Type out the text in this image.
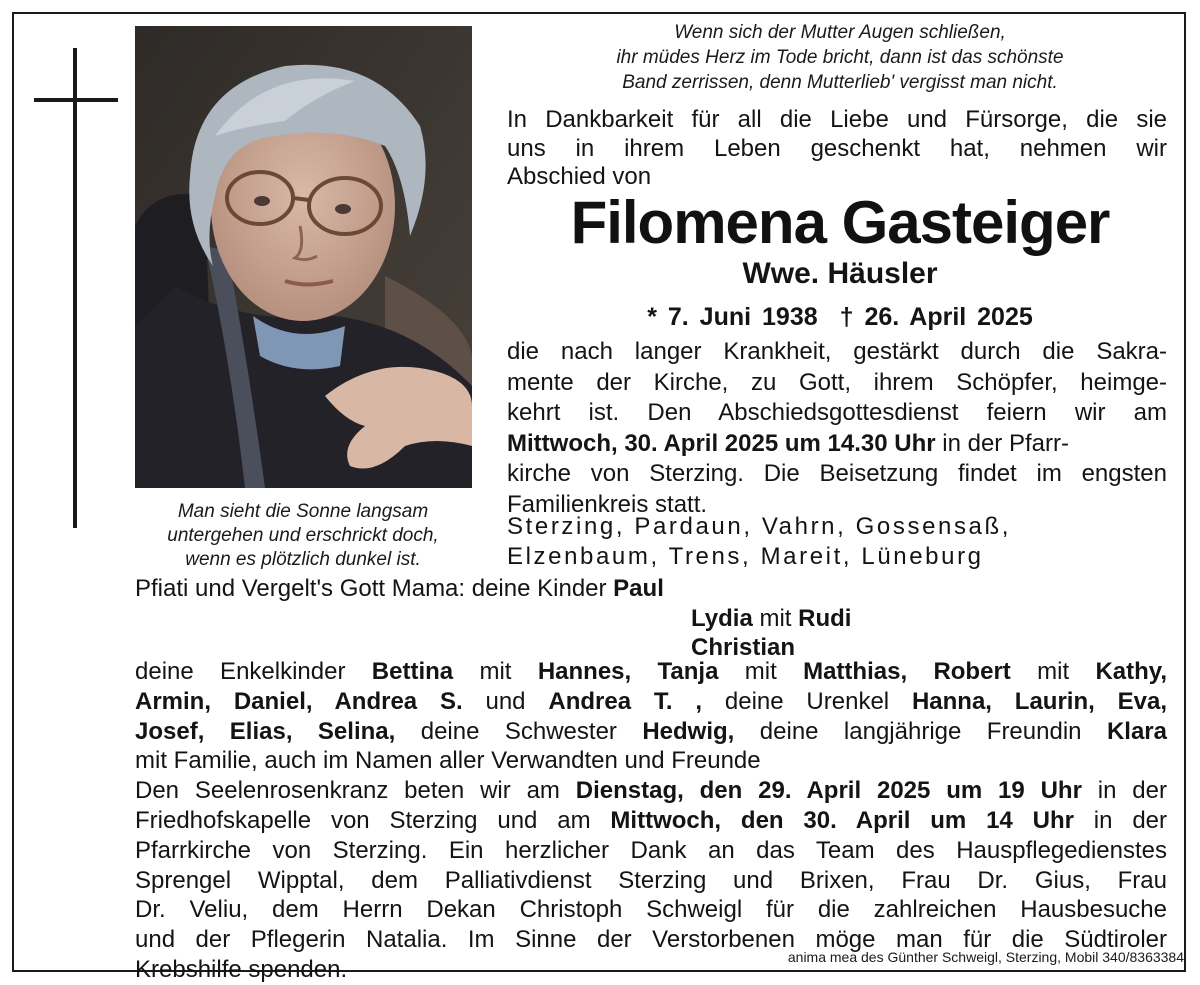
Man sieht die Sonne langsam
untergehen und erschrickt doch,
wenn es plötzlich dunkel ist.
Wenn sich der Mutter Augen schließen,
ihr müdes Herz im Tode bricht, dann ist das schönste
Band zerrissen, denn Mutterlieb' vergisst man nicht.
In Dankbarkeit für all die Liebe und Fürsorge, die sie
uns in ihrem Leben geschenkt hat, nehmen wir
Abschied von
Filomena Gasteiger
Wwe. Häusler
* 7. Juni 1938 † 26. April 2025
die nach langer Krankheit, gestärkt durch die Sakra-
mente der Kirche, zu Gott, ihrem Schöpfer, heimge-
kehrt ist. Den Abschiedsgottesdienst feiern wir am
Mittwoch, 30. April 2025 um 14.30 Uhr in der Pfarr-
kirche von Sterzing. Die Beisetzung findet im engsten
Familienkreis statt.
Sterzing, Pardaun, Vahrn, Gossensaß,
Elzenbaum, Trens, Mareit, Lüneburg
Pfiati und Vergelt's Gott Mama: deine Kinder Paul
Lydia mit Rudi
Christian
deine Enkelkinder Bettina mit Hannes, Tanja mit Matthias, Robert mit Kathy,
Armin, Daniel, Andrea S. und Andrea T. , deine Urenkel Hanna, Laurin, Eva,
Josef, Elias, Selina, deine Schwester Hedwig, deine langjährige Freundin Klara
mit Familie, auch im Namen aller Verwandten und Freunde
Den Seelenrosenkranz beten wir am Dienstag, den 29. April 2025 um 19 Uhr in der
Friedhofskapelle von Sterzing und am Mittwoch, den 30. April um 14 Uhr in der
Pfarrkirche von Sterzing. Ein herzlicher Dank an das Team des Hauspflegedienstes
Sprengel Wipptal, dem Palliativdienst Sterzing und Brixen, Frau Dr. Gius, Frau
Dr. Veliu, dem Herrn Dekan Christoph Schweigl für die zahlreichen Hausbesuche
und der Pflegerin Natalia. Im Sinne der Verstorbenen möge man für die Südtiroler
Krebshilfe spenden.	anima mea des Günther Schweigl, Sterzing, Mobil 340/8363384
